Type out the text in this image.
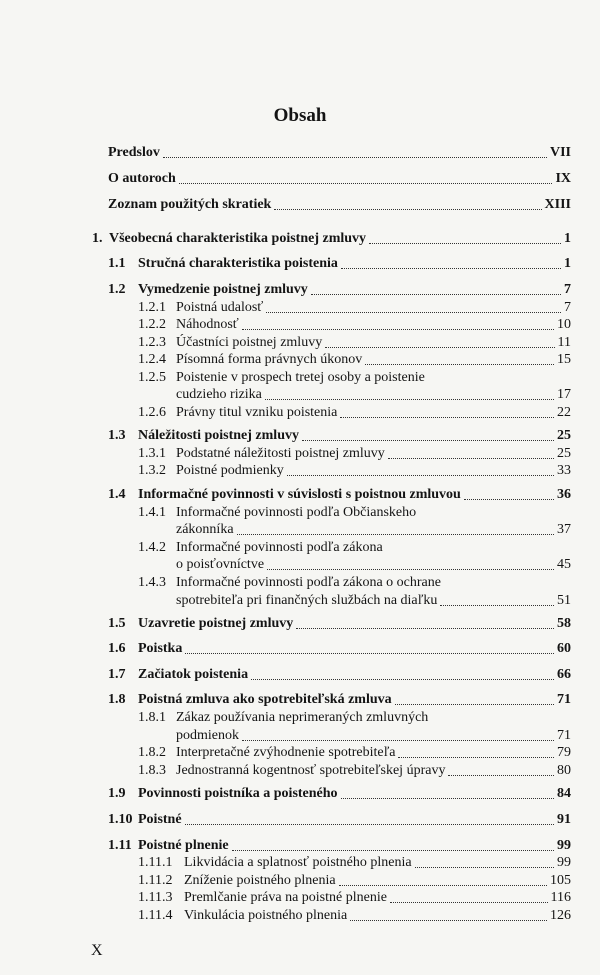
Obsah
Predslov	VII
O autoroch	IX
Zoznam použitých skratiek	XIII
1. Všeobecná charakteristika poistnej zmluvy	1
1.1 Stručná charakteristika poistenia	1
1.2 Vymedzenie poistnej zmluvy	7
1.2.1 Poistná udalosť	7
1.2.2 Náhodnosť	10
1.2.3 Účastníci poistnej zmluvy	11
1.2.4 Písomná forma právnych úkonov	15
1.2.5 Poistenie v prospech tretej osoby a poistenie
cudzieho rizika	17
1.2.6 Právny titul vzniku poistenia	22
1.3 Náležitosti poistnej zmluvy	25
1.3.1 Podstatné náležitosti poistnej zmluvy	25
1.3.2 Poistné podmienky	33
1.4 Informačné povinnosti v súvislosti s poistnou zmluvou	36
1.4.1 Informačné povinnosti podľa Občianskeho
zákonníka	37
1.4.2 Informačné povinnosti podľa zákona
o poisťovníctve	45
1.4.3 Informačné povinnosti podľa zákona o ochrane
spotrebiteľa pri finančných službách na diaľku	51
1.5 Uzavretie poistnej zmluvy	58
1.6 Poistka	60
1.7 Začiatok poistenia	66
1.8 Poistná zmluva ako spotrebiteľská zmluva	71
1.8.1 Zákaz používania neprimeraných zmluvných
podmienok	71
1.8.2 Interpretačné zvýhodnenie spotrebiteľa	79
1.8.3 Jednostranná kogentnosť spotrebiteľskej úpravy	80
1.9 Povinnosti poistníka a poisteného	84
1.10 Poistné	91
1.11 Poistné plnenie	99
1.11.1 Likvidácia a splatnosť poistného plnenia	99
1.11.2 Zníženie poistného plnenia	105
1.11.3 Premlčanie práva na poistné plnenie	116
1.11.4 Vinkulácia poistného plnenia	126
X
